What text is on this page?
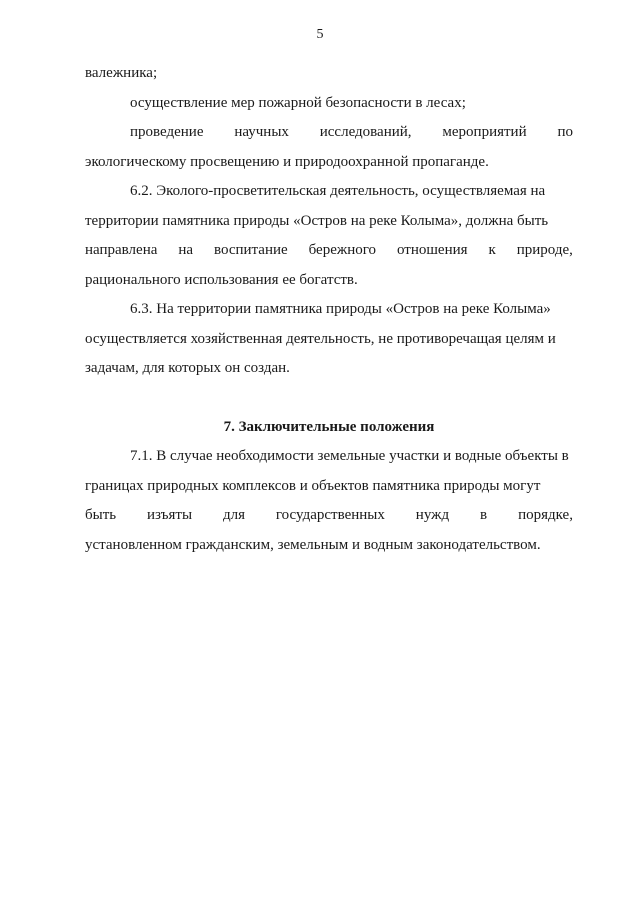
5
валежника;
осуществление мер пожарной безопасности в лесах;
проведение научных исследований, мероприятий по
экологическому просвещению и природоохранной пропаганде.
6.2. Эколого-просветительская деятельность, осуществляемая на
территории памятника природы «Остров на реке Колыма», должна быть
направлена на воспитание бережного отношения к природе,
рационального использования ее богатств.
6.3. На территории памятника природы «Остров на реке Колыма»
осуществляется хозяйственная деятельность, не противоречащая целям и
задачам, для которых он создан.
7. Заключительные положения
7.1. В случае необходимости земельные участки и водные объекты в
границах природных комплексов и объектов памятника природы могут
быть изъяты для государственных нужд в порядке,
установленном гражданским, земельным и водным законодательством.
